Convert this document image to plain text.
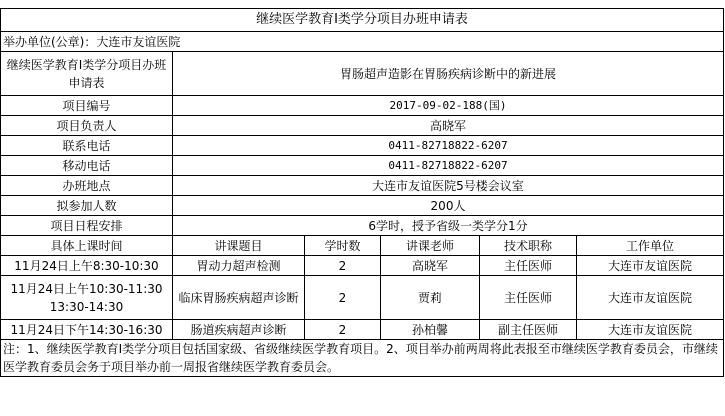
继续医学教育I类学分项目办班申请表					
举办单位(公章)：大连市友谊医院					
继续医学教育I类学分项目办班申请表	胃肠超声造影在胃肠疾病诊断中的新进展				
项目编号	2017-09-02-188(国)				
项目负责人	高晓军				
联系电话	0411-82718822-6207				
移动电话	0411-82718822-6207				
办班地点	大连市友谊医院5号楼会议室				
拟参加人数	200人				
项目日程安排	6学时，授予省级一类学分1分				
具体上课时间	讲课题目	学时数	讲课老师	技术职称	工作单位
11月24日上午8:30-10:30	胃动力超声检测	2	高晓军	主任医师	大连市友谊医院
11月24日上午10:30-11:30 13:30-14:30	临床胃肠疾病超声诊断	2	贾莉	主任医师	大连市友谊医院
11月24日下午14:30-16:30	肠道疾病超声诊断	2	孙柏馨	副主任医师	大连市友谊医院
注：1、继续医学教育I类学分项目包括国家级、省级继续医学教育项目。2、项目举办前两周将此表报至市继续医学教育委员会，市继续医学教育委员会务于项目举办前一周报省继续医学教育委员会。					
